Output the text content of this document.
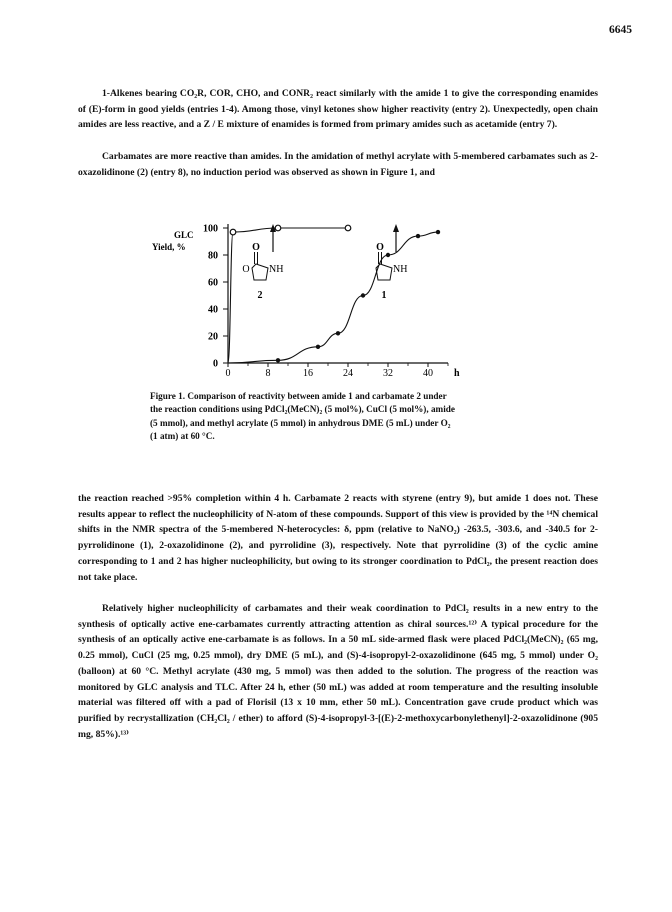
6645

1-Alkenes bearing CO₂R, COR, CHO, and CONR₂ react similarly with the amide 1 to give the corresponding enamides of (E)-form in good yields (entries 1-4). Among those, vinyl ketones show higher reactivity (entry 2). Unexpectedly, open chain amides are less reactive, and a Z / E mixture of enamides is formed from primary amides such as acetamide (entry 7).

Carbamates are more reactive than amides. In the amidation of methyl acrylate with 5-membered carbamates such as 2-oxazolidinone (2) (entry 8), no induction period was observed as shown in Figure 1, and

GLC
Yield, %
0
20
40
60
80
100
0	8	16	24	32	40 h
O
O NH
2
O
NH
1
Figure 1. Comparison of reactivity between amide 1 and carbamate 2 under the reaction conditions using PdCl₂(MeCN)₂ (5 mol%), CuCl (5 mol%), amide (5 mmol), and methyl acrylate (5 mmol) in anhydrous DME (5 mL) under O₂ (1 atm) at 60 °C.

the reaction reached >95% completion within 4 h. Carbamate 2 reacts with styrene (entry 9), but amide 1 does not. These results appear to reflect the nucleophilicity of N-atom of these compounds. Support of this view is provided by the ¹⁴N chemical shifts in the NMR spectra of the 5-membered N-heterocycles: δ, ppm (relative to NaNO₂) -263.5, -303.6, and -340.5 for 2-pyrrolidinone (1), 2-oxazolidinone (2), and pyrrolidine (3), respectively. Note that pyrrolidine (3) of the cyclic amine corresponding to 1 and 2 has higher nucleophilicity, but owing to its stronger coordination to PdCl₂, the present reaction does not take place.

Relatively higher nucleophilicity of carbamates and their weak coordination to PdCl₂ results in a new entry to the synthesis of optically active ene-carbamates currently attracting attention as chiral sources.¹²⁾ A typical procedure for the synthesis of an optically active ene-carbamate is as follows. In a 50 mL side-armed flask were placed PdCl₂(MeCN)₂ (65 mg, 0.25 mmol), CuCl (25 mg, 0.25 mmol), dry DME (5 mL), and (S)-4-isopropyl-2-oxazolidinone (645 mg, 5 mmol) under O₂ (balloon) at 60 °C. Methyl acrylate (430 mg, 5 mmol) was then added to the solution. The progress of the reaction was monitored by GLC analysis and TLC. After 24 h, ether (50 mL) was added at room temperature and the resulting insoluble material was filtered off with a pad of Florisil (13 x 10 mm, ether 50 mL). Concentration gave crude product which was purified by recrystallization (CH₂Cl₂ / ether) to afford (S)-4-isopropyl-3-[(E)-2-methoxycarbonylethenyl]-2-oxazolidinone (905 mg, 85%).¹³⁾
